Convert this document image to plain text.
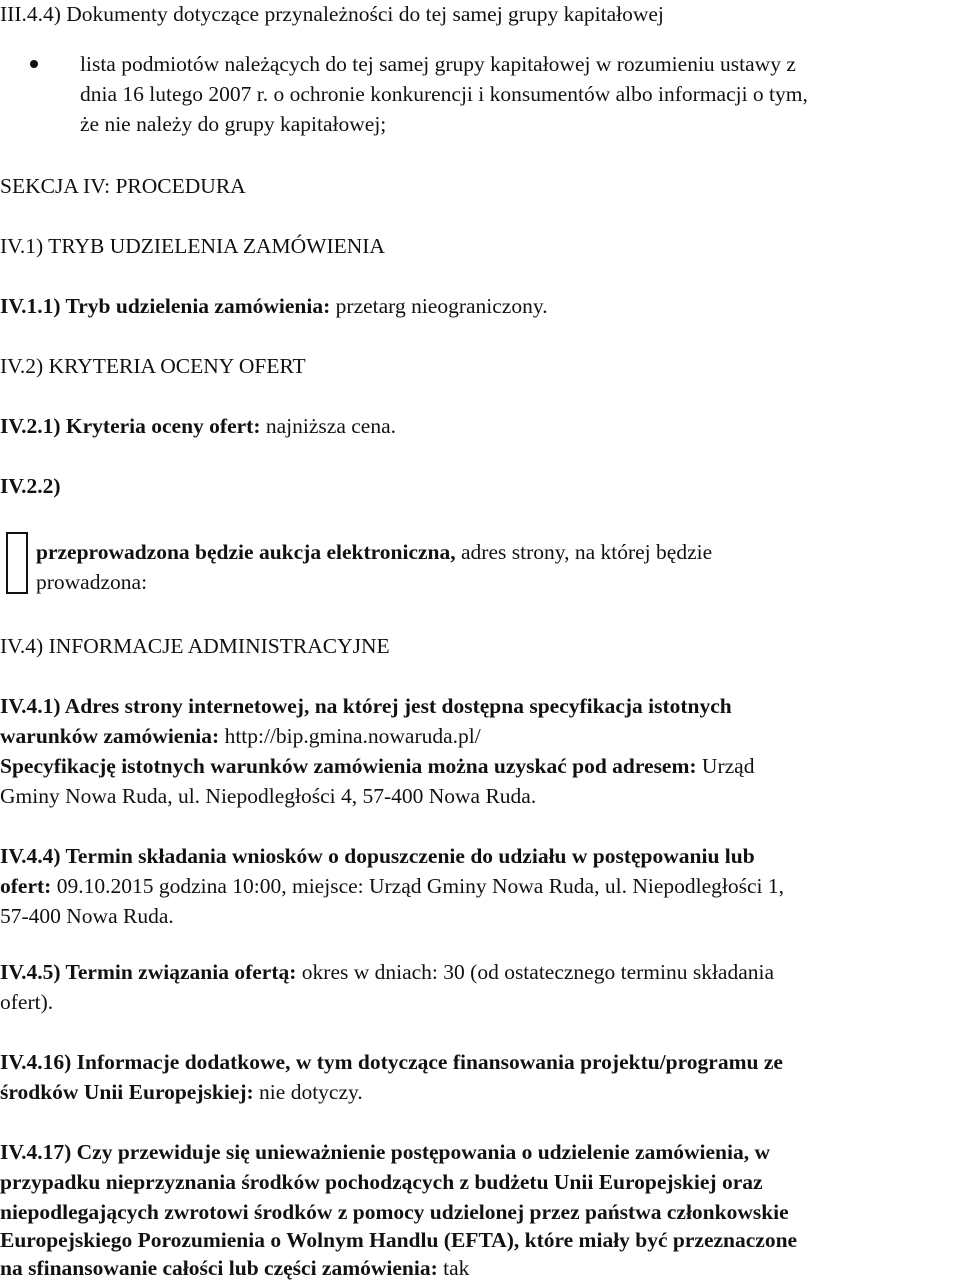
III.4.4) Dokumenty dotyczące przynależności do tej samej grupy kapitałowej
lista podmiotów należących do tej samej grupy kapitałowej w rozumieniu ustawy z
dnia 16 lutego 2007 r. o ochronie konkurencji i konsumentów albo informacji o tym,
że nie należy do grupy kapitałowej;
SEKCJA IV: PROCEDURA
IV.1) TRYB UDZIELENIA ZAMÓWIENIA
IV.1.1) Tryb udzielenia zamówienia: przetarg nieograniczony.
IV.2) KRYTERIA OCENY OFERT
IV.2.1) Kryteria oceny ofert: najniższa cena.
IV.2.2)
przeprowadzona będzie aukcja elektroniczna, adres strony, na której będzie
prowadzona:
IV.4) INFORMACJE ADMINISTRACYJNE
IV.4.1) Adres strony internetowej, na której jest dostępna specyfikacja istotnych
warunków zamówienia: http://bip.gmina.nowaruda.pl/
Specyfikację istotnych warunków zamówienia można uzyskać pod adresem: Urząd
Gminy Nowa Ruda, ul. Niepodległości 4, 57-400 Nowa Ruda.
IV.4.4) Termin składania wniosków o dopuszczenie do udziału w postępowaniu lub
ofert: 09.10.2015 godzina 10:00, miejsce: Urząd Gminy Nowa Ruda, ul. Niepodległości 1,
57-400 Nowa Ruda.
IV.4.5) Termin związania ofertą: okres w dniach: 30 (od ostatecznego terminu składania
ofert).
IV.4.16) Informacje dodatkowe, w tym dotyczące finansowania projektu/programu ze
środków Unii Europejskiej: nie dotyczy.
IV.4.17) Czy przewiduje się unieważnienie postępowania o udzielenie zamówienia, w
przypadku nieprzyznania środków pochodzących z budżetu Unii Europejskiej oraz
niepodlegających zwrotowi środków z pomocy udzielonej przez państwa członkowskie
Europejskiego Porozumienia o Wolnym Handlu (EFTA), które miały być przeznaczone
na sfinansowanie całości lub części zamówienia: tak
